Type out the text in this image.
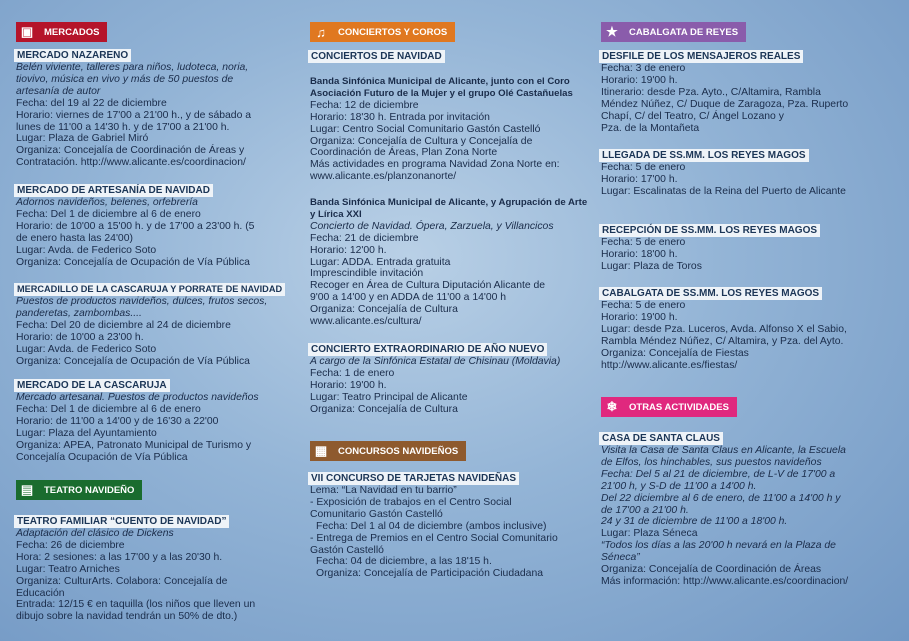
▣	MERCADOS
MERCADO NAZARENO
Belén viviente, talleres para niños, ludoteca, noria,
tiovivo, música en vivo y más de 50 puestos de
artesanía de autor
Fecha: del 19 al 22 de diciembre
Horario: viernes de 17'00 a 21'00 h., y de sábado a
lunes de 11'00 a 14'30 h. y de 17'00 a 21'00 h.
Lugar: Plaza de Gabriel Miró
Organiza: Concejalía de Coordinación de Áreas y
Contratación. http://www.alicante.es/coordinacion/
MERCADO DE ARTESANÍA DE NAVIDAD
Adornos navideños, belenes, orfebrería
Fecha: Del 1 de diciembre al 6 de enero
Horario: de 10'00 a 15'00 h. y de 17'00 a 23'00 h. (5
de enero hasta las 24'00)
Lugar: Avda. de Federico Soto
Organiza: Concejalía de Ocupación de Vía Pública
MERCADILLO DE LA CASCARUJA Y PORRATE DE NAVIDAD
Puestos de productos navideños, dulces, frutos secos,
panderetas, zambombas....
Fecha: Del 20 de diciembre al 24 de diciembre
Horario: de 10'00 a 23'00 h.
Lugar: Avda. de Federico Soto
Organiza: Concejalía de Ocupación de Vía Pública
MERCADO DE LA CASCARUJA
Mercado artesanal. Puestos de productos navideños
Fecha: Del 1 de diciembre al 6 de enero
Horario: de 11'00 a 14'00 y de 16'30 a 22'00
Lugar: Plaza del Ayuntamiento
Organiza: APEA, Patronato Municipal de Turismo y
Concejalía Ocupación de Vía Pública
▤	TEATRO NAVIDEÑO
TEATRO FAMILIAR “CUENTO DE NAVIDAD”
Adaptación del clásico de Dickens
Fecha: 26 de diciembre
Hora: 2 sesiones: a las 17'00 y a las 20'30 h.
Lugar: Teatro Arniches
Organiza: CulturArts. Colabora: Concejalía de
Educación
Entrada: 12/15 € en taquilla (los niños que lleven un
dibujo sobre la navidad tendrán un 50% de dto.)
♫	CONCIERTOS Y COROS
CONCIERTOS DE NAVIDAD
Banda Sinfónica Municipal de Alicante, junto con el Coro
Asociación Futuro de la Mujer y el grupo Olé Castañuelas
Fecha: 12 de diciembre
Horario: 18'30 h. Entrada por invitación
Lugar: Centro Social Comunitario Gastón Castelló
Organiza: Concejalía de Cultura y Concejalía de
Coordinación de Áreas, Plan Zona Norte
Más actividades en programa Navidad Zona Norte en:
www.alicante.es/planzonanorte/
Banda Sinfónica Municipal de Alicante, y Agrupación de Arte
y Lírica XXI
Concierto de Navidad. Ópera, Zarzuela, y Villancicos
Fecha: 21 de diciembre
Horario: 12'00 h.
Lugar: ADDA. Entrada gratuita
Imprescindible invitación
Recoger en Área de Cultura Diputación Alicante de
9'00 a 14'00 y en ADDA de 11'00 a 14'00 h
Organiza: Concejalía de Cultura
www.alicante.es/cultura/
CONCIERTO EXTRAORDINARIO DE AÑO NUEVO
A cargo de la Sinfónica Estatal de Chisinau (Moldavia)
Fecha: 1 de enero
Horario: 19'00 h.
Lugar: Teatro Principal de Alicante
Organiza: Concejalía de Cultura
▦	CONCURSOS NAVIDEÑOS
VII CONCURSO DE TARJETAS NAVIDEÑAS
Lema: “La Navidad en tu barrio”
- Exposición de trabajos en el Centro Social
Comunitario Gastón Castelló
Fecha: Del 1 al 04 de diciembre (ambos inclusive)
- Entrega de Premios en el Centro Social Comunitario
Gastón Castelló
Fecha: 04 de diciembre, a las 18'15 h.
Organiza: Concejalía de Participación Ciudadana
★	CABALGATA DE REYES
DESFILE DE LOS MENSAJEROS REALES
Fecha: 3 de enero
Horario: 19'00 h.
Itinerario: desde Pza. Ayto., C/Altamira, Rambla
Méndez Núñez, C/ Duque de Zaragoza, Pza. Ruperto
Chapí, C/ del Teatro, C/ Ángel Lozano y
Pza. de la Montañeta
LLEGADA DE SS.MM. LOS REYES MAGOS
Fecha: 5 de enero
Horario: 17'00 h.
Lugar: Escalinatas de la Reina del Puerto de Alicante
RECEPCIÓN DE SS.MM. LOS REYES MAGOS
Fecha: 5 de enero
Horario: 18'00 h.
Lugar: Plaza de Toros
CABALGATA DE SS.MM. LOS REYES MAGOS
Fecha: 5 de enero
Horario: 19'00 h.
Lugar: desde Pza. Luceros, Avda. Alfonso X el Sabio,
Rambla Méndez Núñez, C/ Altamira, y Pza. del Ayto.
Organiza: Concejalía de Fiestas
http://www.alicante.es/fiestas/
❄	OTRAS ACTIVIDADES
CASA DE SANTA CLAUS
Visita la Casa de Santa Claus en Alicante, la Escuela
de Elfos, los hinchables, sus puestos navideños
Fecha: Del 5 al 21 de diciembre, de L-V de 17'00 a
21'00 h, y S-D de 11'00 a 14'00 h.
Del 22 diciembre al 6 de enero, de 11'00 a 14'00 h y
de 17'00 a 21'00 h.
24 y 31 de diciembre de 11'00 a 18'00 h.
Lugar: Plaza Séneca
“Todos los días a las 20'00 h nevará en la Plaza de
Séneca”
Organiza: Concejalía de Coordinación de Áreas
Más información: http://www.alicante.es/coordinacion/
